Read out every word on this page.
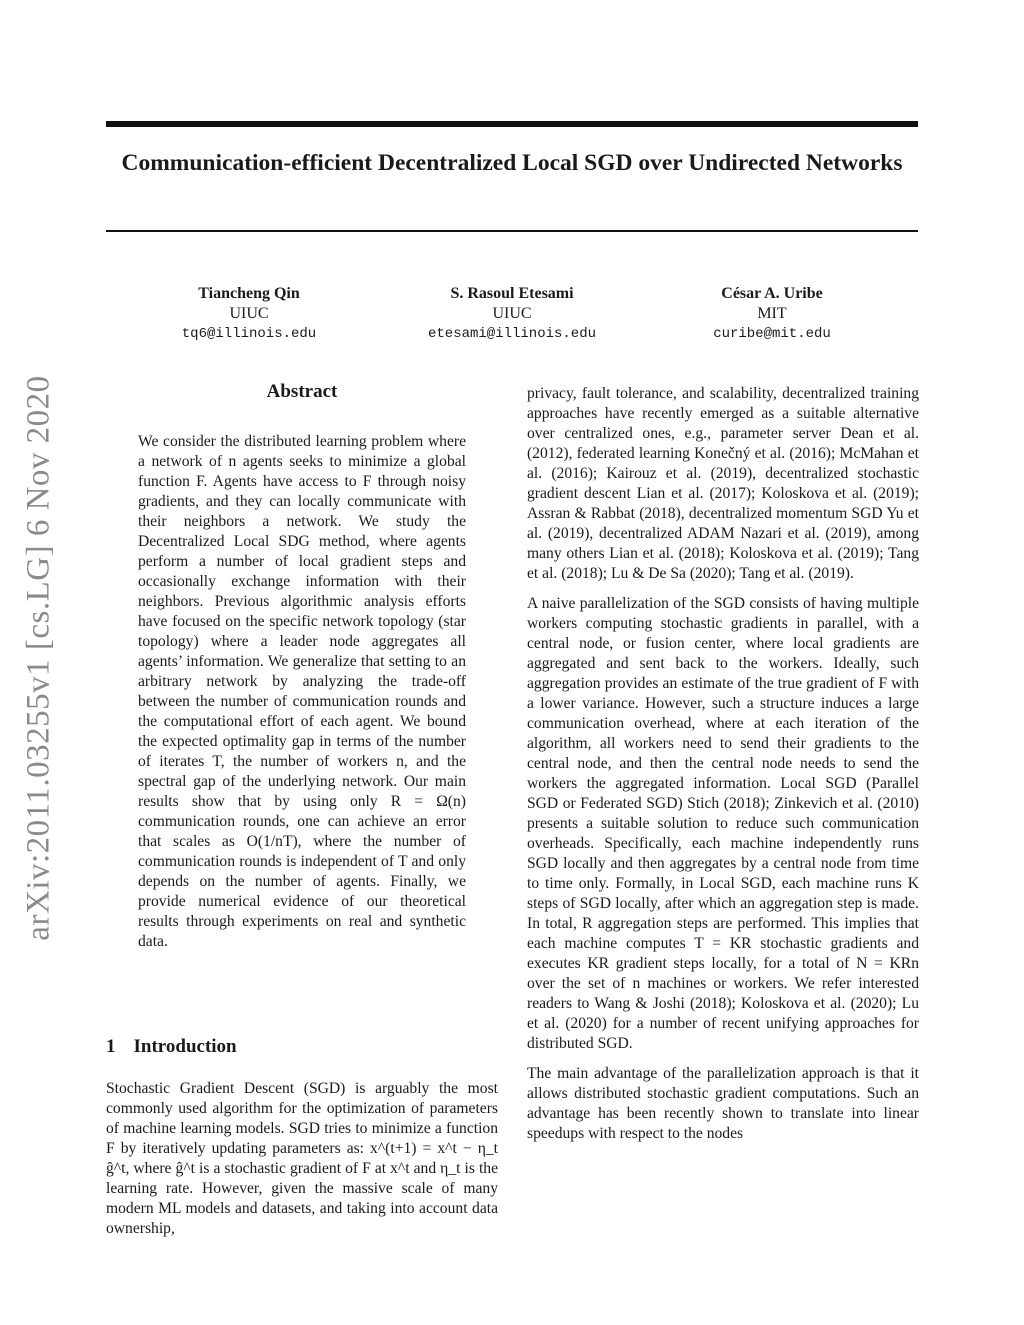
Communication-efficient Decentralized Local SGD over Undirected Networks
Tiancheng Qin
UIUC
tq6@illinois.edu
S. Rasoul Etesami
UIUC
etesami@illinois.edu
César A. Uribe
MIT
curibe@mit.edu
arXiv:2011.03255v1 [cs.LG] 6 Nov 2020	Abstract
We consider the distributed learning problem where a network of n agents seeks to minimize a global function F. Agents have access to F through noisy gradients, and they can locally communicate with their neighbors a network. We study the Decentralized Local SDG method, where agents perform a number of local gradient steps and occasionally exchange information with their neighbors. Previous algorithmic analysis efforts have focused on the specific network topology (star topology) where a leader node aggregates all agents’ information. We generalize that setting to an arbitrary network by analyzing the trade-off between the number of communication rounds and the computational effort of each agent. We bound the expected optimality gap in terms of the number of iterates T, the number of workers n, and the spectral gap of the underlying network. Our main results show that by using only R = Ω(n) communication rounds, one can achieve an error that scales as O(1/nT), where the number of communication rounds is independent of T and only depends on the number of agents. Finally, we provide numerical evidence of our theoretical results through experiments on real and synthetic data.
1 Introduction
Stochastic Gradient Descent (SGD) is arguably the most commonly used algorithm for the optimization of parameters of machine learning models. SGD tries to minimize a function F by iteratively updating parameters as: x^(t+1) = x^t − η_t ĝ^t, where ĝ^t is a stochastic gradient of F at x^t and η_t is the learning rate. However, given the massive scale of many modern ML models and datasets, and taking into account data ownership,

privacy, fault tolerance, and scalability, decentralized training approaches have recently emerged as a suitable alternative over centralized ones, e.g., parameter server Dean et al. (2012), federated learning Konečný et al. (2016); McMahan et al. (2016); Kairouz et al. (2019), decentralized stochastic gradient descent Lian et al. (2017); Koloskova et al. (2019); Assran & Rabbat (2018), decentralized momentum SGD Yu et al. (2019), decentralized ADAM Nazari et al. (2019), among many others Lian et al. (2018); Koloskova et al. (2019); Tang et al. (2018); Lu & De Sa (2020); Tang et al. (2019).

A naive parallelization of the SGD consists of having multiple workers computing stochastic gradients in parallel, with a central node, or fusion center, where local gradients are aggregated and sent back to the workers. Ideally, such aggregation provides an estimate of the true gradient of F with a lower variance. However, such a structure induces a large communication overhead, where at each iteration of the algorithm, all workers need to send their gradients to the central node, and then the central node needs to send the workers the aggregated information. Local SGD (Parallel SGD or Federated SGD) Stich (2018); Zinkevich et al. (2010) presents a suitable solution to reduce such communication overheads. Specifically, each machine independently runs SGD locally and then aggregates by a central node from time to time only. Formally, in Local SGD, each machine runs K steps of SGD locally, after which an aggregation step is made. In total, R aggregation steps are performed. This implies that each machine computes T = KR stochastic gradients and executes KR gradient steps locally, for a total of N = KRn over the set of n machines or workers. We refer interested readers to Wang & Joshi (2018); Koloskova et al. (2020); Lu et al. (2020) for a number of recent unifying approaches for distributed SGD.

The main advantage of the parallelization approach is that it allows distributed stochastic gradient computations. Such an advantage has been recently shown to translate into linear speedups with respect to the nodes
